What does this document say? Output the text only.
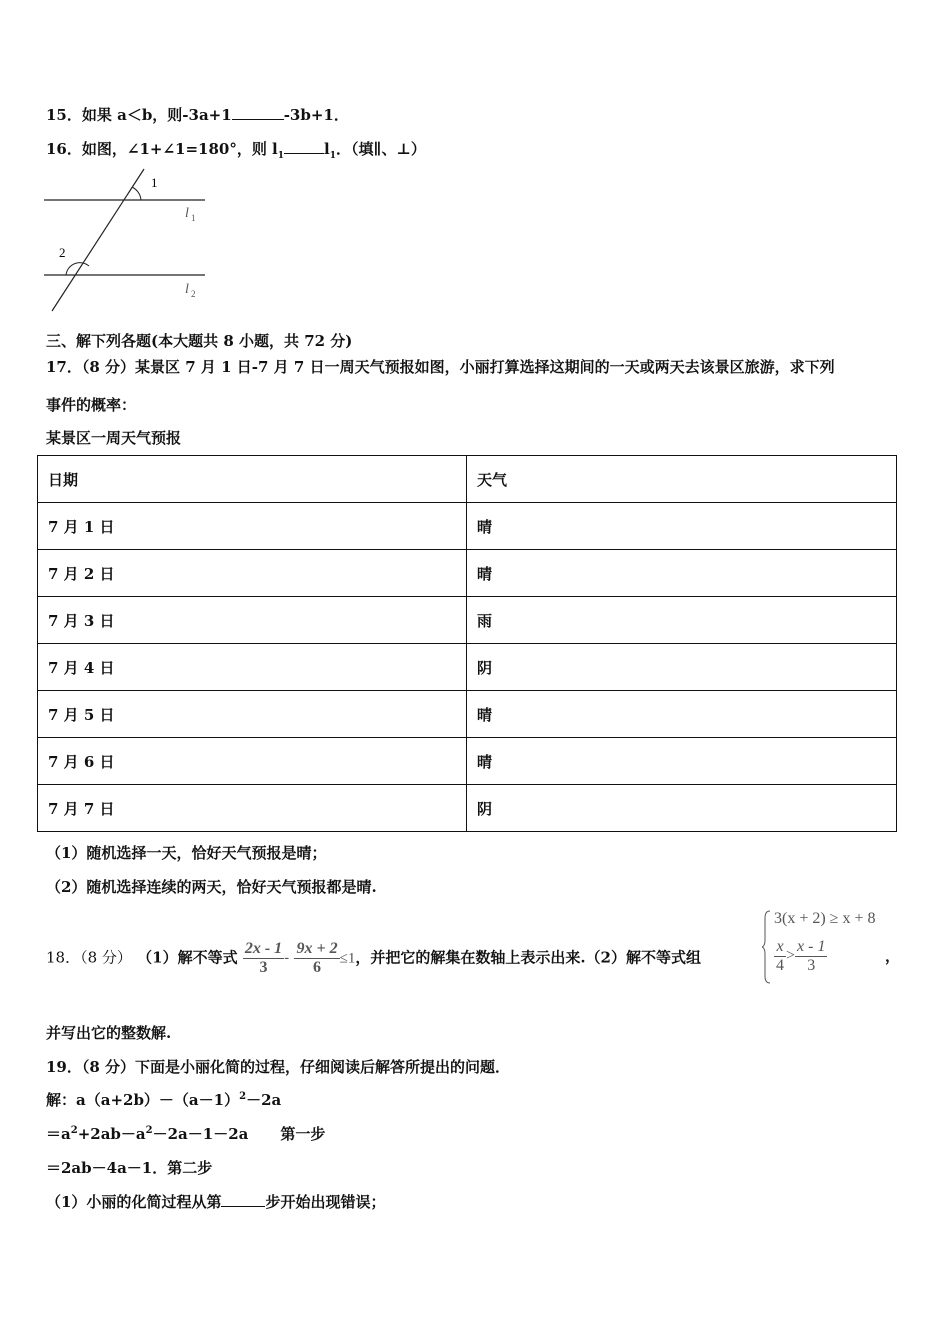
15．如果 a＜b，则-3a+1	-3b+1．
16．如图，∠1+∠1=180°，则 $l_1$	$l_1$．（填∥、⊥）
1
2
l 1
l 2
三、解下列各题(本大题共 8 小题，共 72 分)
17．（8 分）某景区 7 月 1 日-7 月 7 日一周天气预报如图，小丽打算选择这期间的一天或两天去该景区旅游，求下列
事件的概率：
某景区一周天气预报
日期	天气
7 月 1 日	晴
7 月 2 日	晴
7 月 3 日	雨
7 月 4 日	阴
7 月 5 日	晴
7 月 6 日	晴
7 月 7 日	阴
（1）随机选择一天，恰好天气预报是晴；
（2）随机选择连续的两天，恰好天气预报都是晴.
18．（8 分） （1）解不等式 $\frac{2x - 1}{3} - \frac{9x + 2}{6} \le 1$，并把它的解集在数轴上表示出来.（2）解不等式组
3(x + 2) ≥ x + 8
$\frac{x}{4} > \frac{x - 1}{3}$	，
并写出它的整数解.
19．（8 分）下面是小丽化简的过程，仔细阅读后解答所提出的问题．
解：$a(a+2b)-(a-1)^2-2a$
$=a^2+2ab-a^2-2a-1-2a$ 第一步
＝2ab－4a－1．第二步
（1）小丽的化简过程从第	步开始出现错误；
